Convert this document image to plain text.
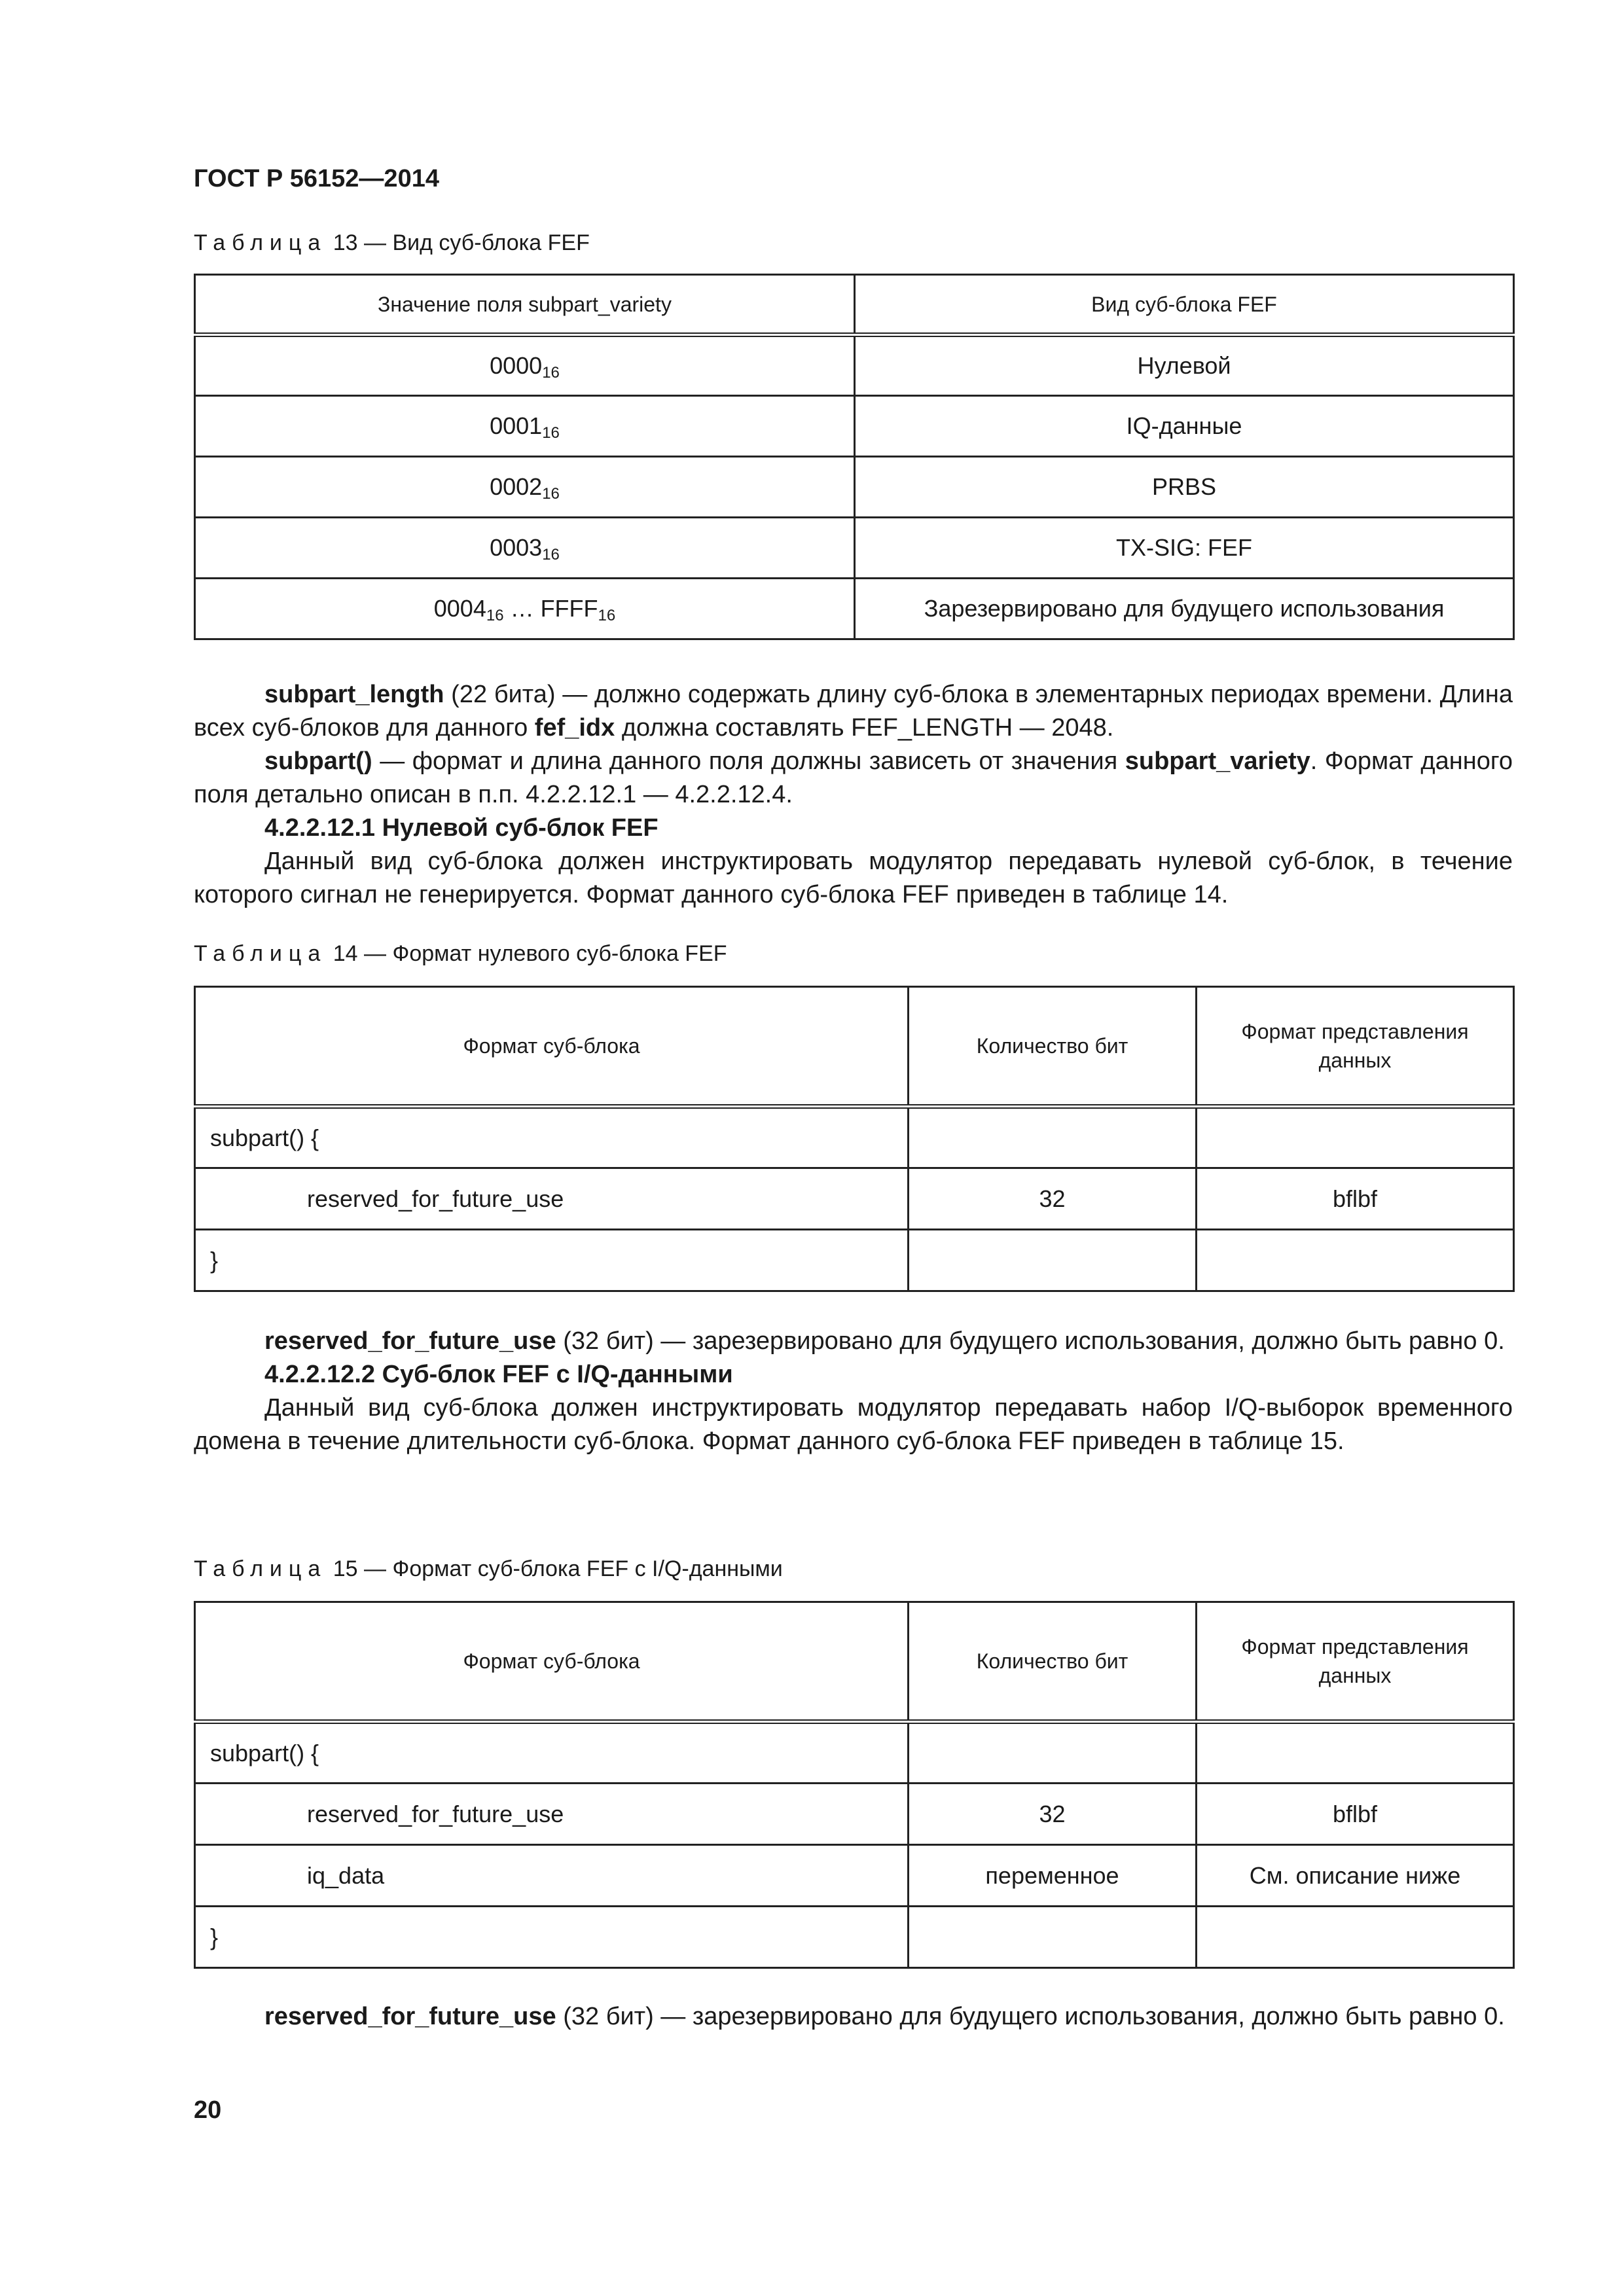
ГОСТ Р 56152—2014
Таблица 13 — Вид суб-блока FEF
Значение поля subpart_variety	Вид суб-блока FEF
$0000_{16}$	Нулевой
$0001_{16}$	IQ-данные
$0002_{16}$	PRBS
$0003_{16}$	TX-SIG: FEF
$0004_{16}$ … $FFFF_{16}$	Зарезервировано для будущего использования

subpart_length (22 бита) — должно содержать длину суб-блока в элементарных периодах времени. Длина всех суб-блоков для данного fef_idx должна составлять FEF_LENGTH — 2048.

subpart() — формат и длина данного поля должны зависеть от значения subpart_variety. Формат данного поля детально описан в п.п. 4.2.2.12.1 — 4.2.2.12.4.

4.2.2.12.1 Нулевой суб-блок FEF

Данный вид суб-блока должен инструктировать модулятор передавать нулевой суб-блок, в течение которого сигнал не генерируется. Формат данного суб-блока FEF приведен в таблице 14.

Таблица 14 — Формат нулевого суб-блока FEF
Формат суб-блока	Количество бит	Формат представления данных
subpart() {		
reserved_for_future_use	32	bflbf
}		

reserved_for_future_use (32 бит) — зарезервировано для будущего использования, должно быть равно 0.

4.2.2.12.2 Суб-блок FEF с I/Q-данными

Данный вид суб-блока должен инструктировать модулятор передавать набор I/Q-выборок временного домена в течение длительности суб-блока. Формат данного суб-блока FEF приведен в таблице 15.

Таблица 15 — Формат суб-блока FEF с I/Q-данными
Формат суб-блока	Количество бит	Формат представления данных
subpart() {		
reserved_for_future_use	32	bflbf
iq_data	переменное	См. описание ниже
}		

reserved_for_future_use (32 бит) — зарезервировано для будущего использования, должно быть равно 0.

20
